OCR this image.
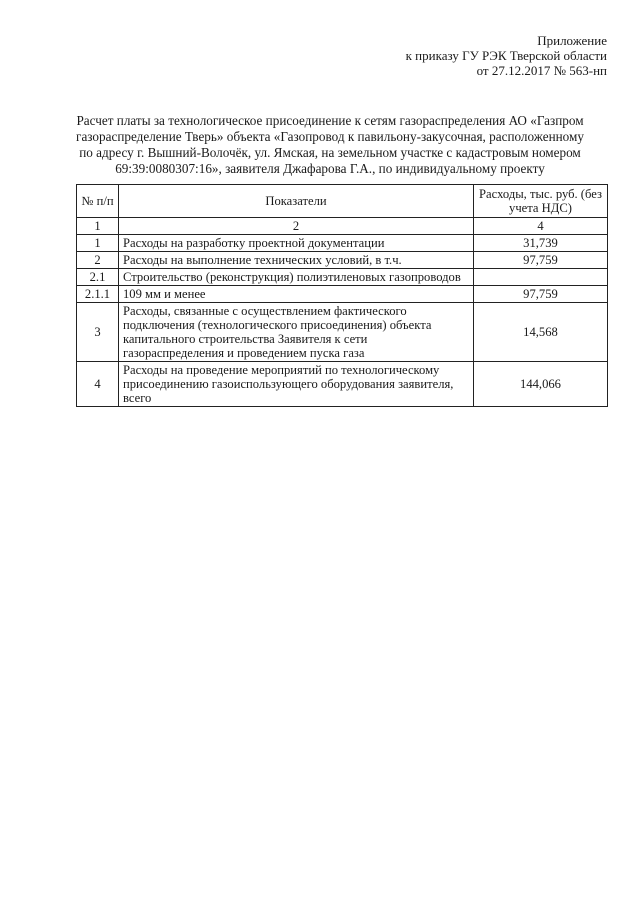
Приложение
к приказу ГУ РЭК Тверской области
от 27.12.2017 № 563-нп
Расчет платы за технологическое присоединение к сетям газораспределения АО «Газпром газораспределение Тверь» объекта «Газопровод к павильону-закусочная, расположенному по адресу г. Вышний-Волочёк, ул. Ямская, на земельном участке с кадастровым номером 69:39:0080307:16», заявителя Джафарова Г.А., по индивидуальному проекту
№ п/п	Показатели	Расходы, тыс. руб. (без учета НДС)
1	2	4
1	Расходы на разработку проектной документации	31,739
2	Расходы на выполнение технических условий, в т.ч.	97,759
2.1	Строительство (реконструкция) полиэтиленовых газопроводов	
2.1.1	109 мм и менее	97,759
3	Расходы, связанные с осуществлением фактического подключения (технологического присоединения) объекта капитального строительства Заявителя к сети газораспределения и проведением пуска газа	14,568
4	Расходы на проведение мероприятий по технологическому присоединению газоиспользующего оборудования заявителя, всего	144,066
